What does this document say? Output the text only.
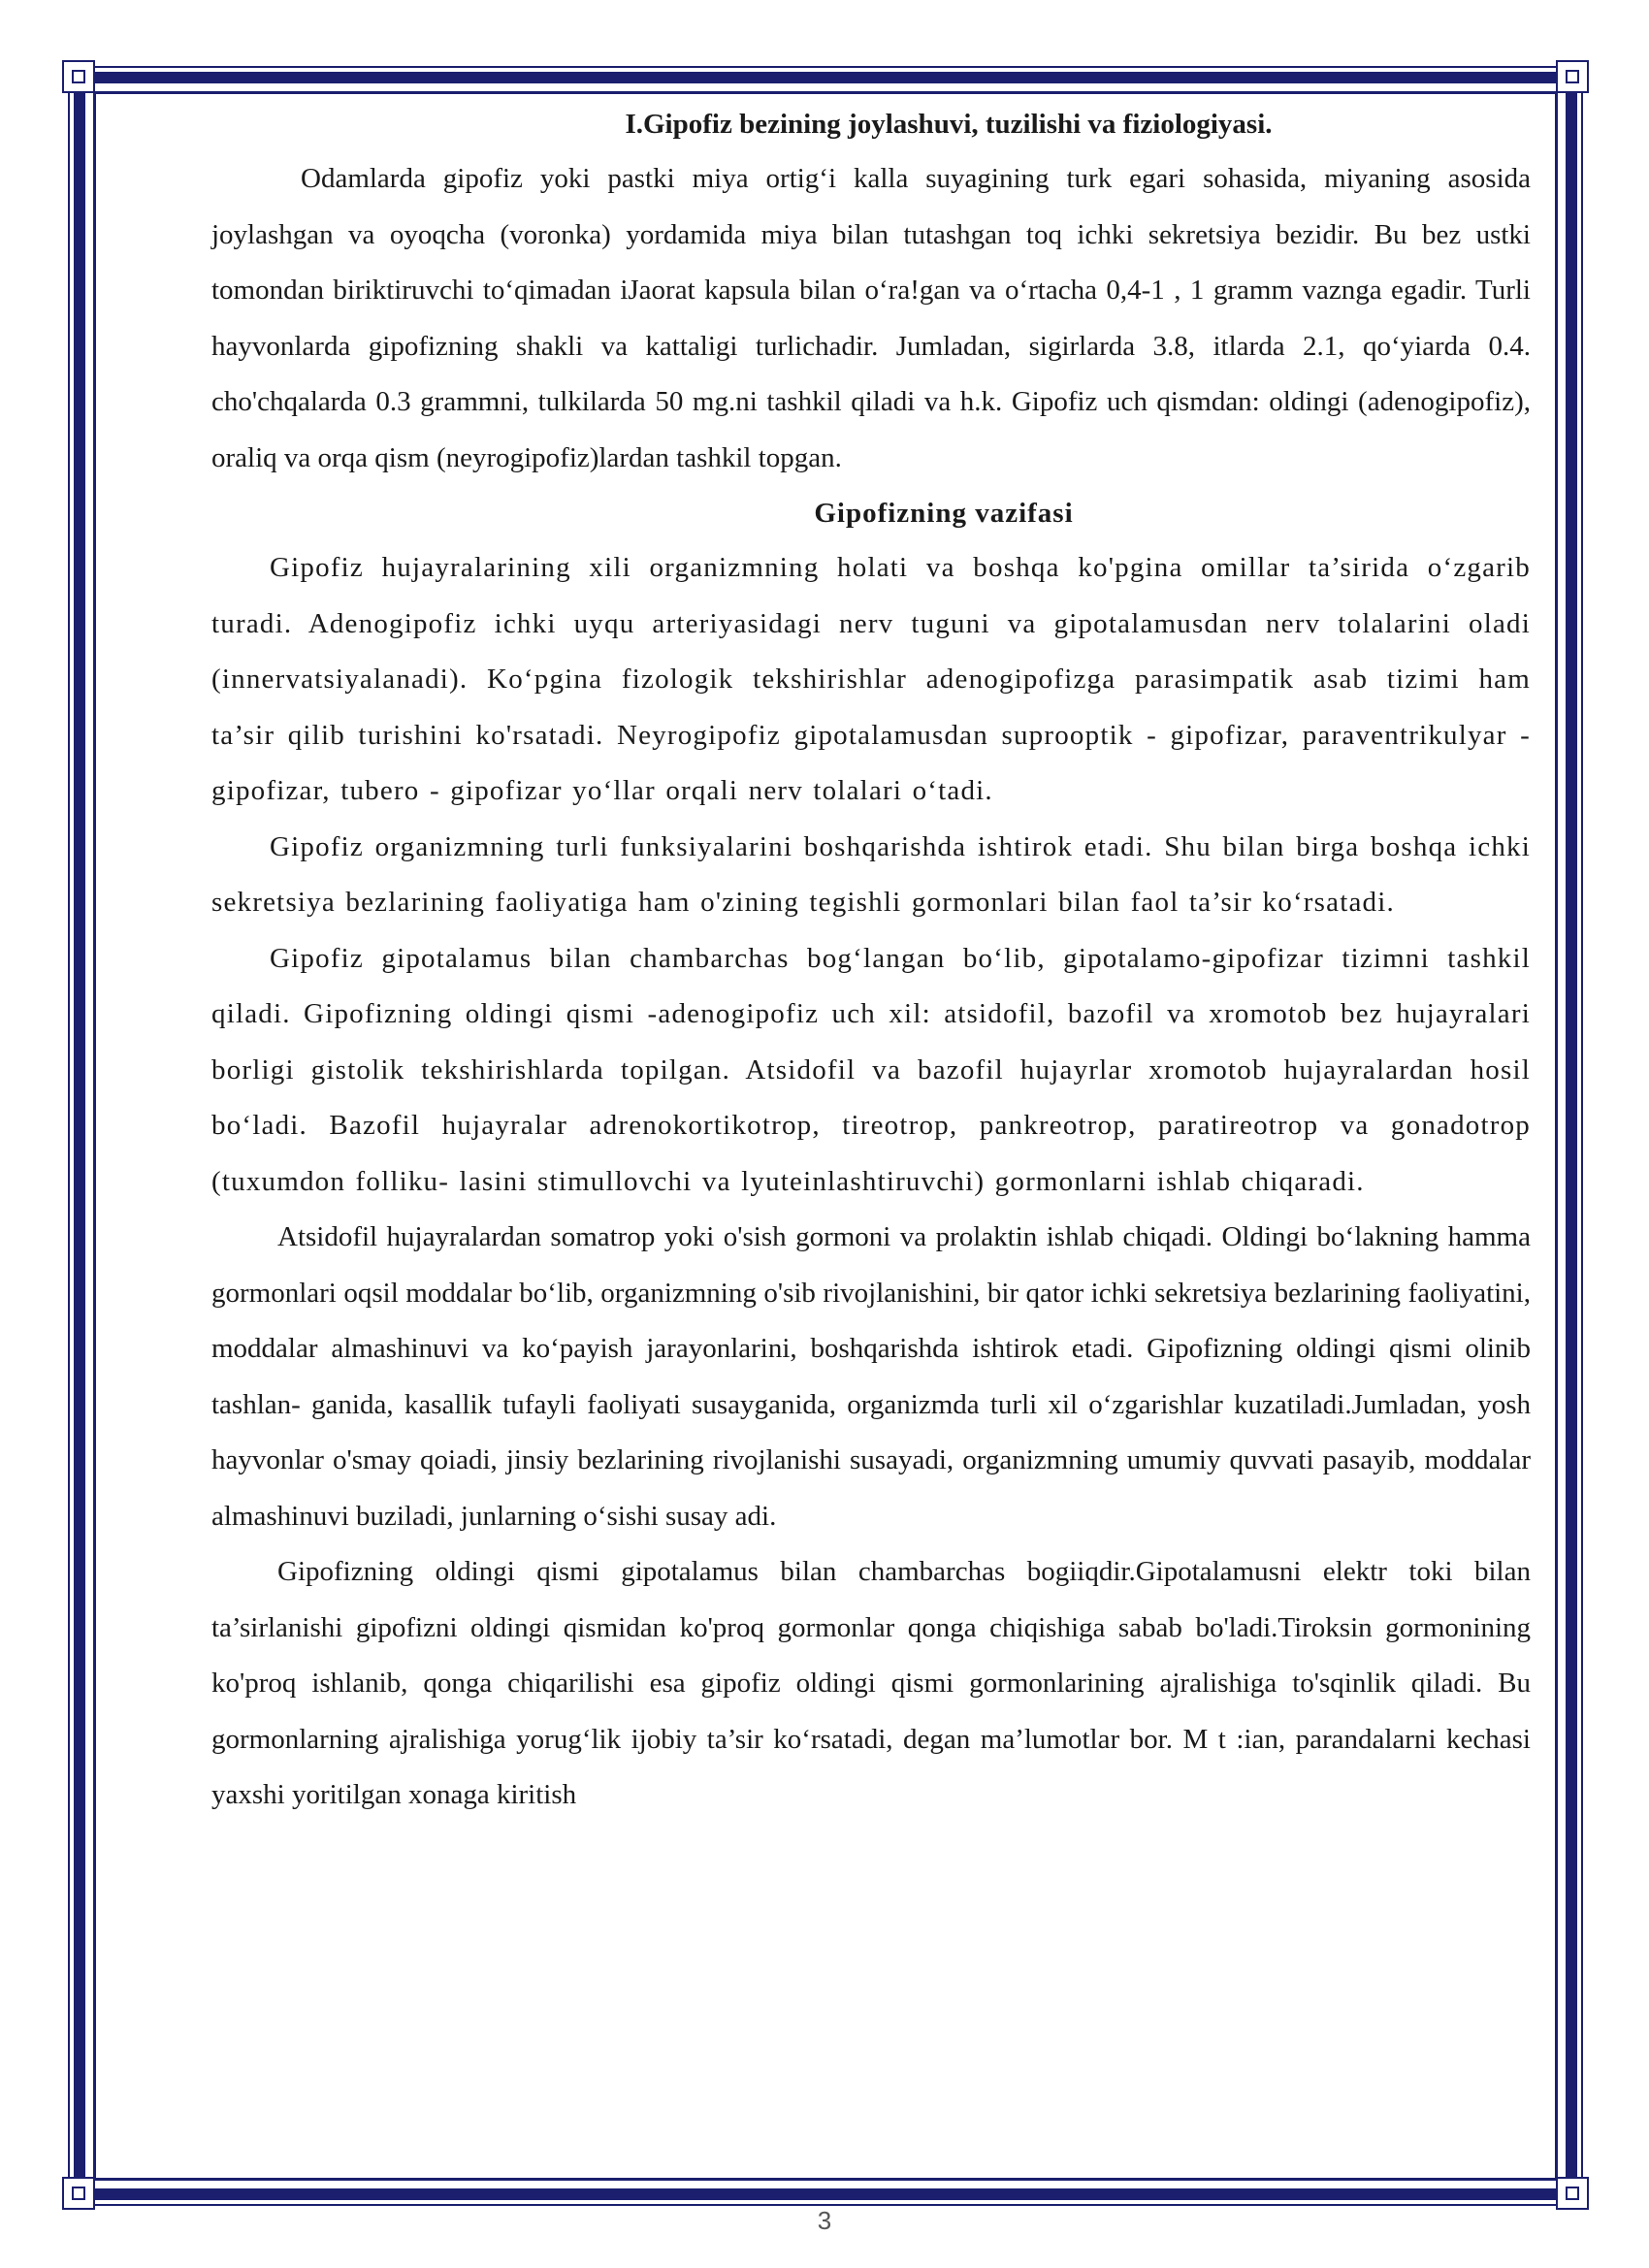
I.Gipofiz bezining joylashuvi, tuzilishi va fiziologiyasi.

Odamlarda gipofiz yoki pastki miya ortig‘i kalla suyagining turk egari sohasida, miyaning asosida joylashgan va oyoqcha (voronka) yordamida miya bilan tutashgan toq ichki sekretsiya bezidir. Bu bez ustki tomondan biriktiruvchi to‘qimadan iJaorat kapsula bilan o‘ra!gan va o‘rtacha 0,4-1 , 1 gramm vaznga egadir. Turli hayvonlarda gipofizning shakli va kattaligi turlichadir. Jumladan, sigirlarda 3.8, itlarda 2.1, qo‘yiarda 0.4. cho'chqalarda 0.3 grammni, tulkilarda 50 mg.ni tashkil qiladi va h.k. Gipofiz uch qismdan: oldingi (adenogipofiz), oraliq va orqa qism (neyrogipofiz)lardan tashkil topgan.

Gipofizning vazifasi

Gipofiz hujayralarining xili organizmning holati va boshqa ko'pgina omillar ta’sirida o‘zgarib turadi. Adenogipofiz ichki uyqu arteriyasidagi nerv tuguni va gipotalamusdan nerv tolalarini oladi (innervatsiyalanadi). Ko‘pgina fizologik tekshirishlar adenogipofizga parasimpatik asab tizimi ham ta’sir qilib turishini ko'rsatadi. Neyrogipofiz gipotalamusdan suprooptik - gipofizar, paraventrikulyar - gipofizar, tubero - gipofizar yo‘llar orqali nerv tolalari o‘tadi.

Gipofiz organizmning turli funksiyalarini boshqarishda ishtirok etadi. Shu bilan birga boshqa ichki sekretsiya bezlarining faoliyatiga ham o'zining tegishli gormonlari bilan faol ta’sir ko‘rsatadi.

Gipofiz gipotalamus bilan chambarchas bog‘langan bo‘lib, gipotalamo-gipofizar tizimni tashkil qiladi. Gipofizning oldingi qismi -adenogipofiz uch xil: atsidofil, bazofil va xromotob bez hujayralari borligi gistolik tekshirishlarda topilgan. Atsidofil va bazofil hujayrlar xromotob hujayralardan hosil bo‘ladi. Bazofil hujayralar adrenokortikotrop, tireotrop, pankreotrop, paratireotrop va gonadotrop (tuxumdon folliku- lasini stimullovchi va lyuteinlashtiruvchi) gormonlarni ishlab chiqaradi.

Atsidofil hujayralardan somatrop yoki o'sish gormoni va prolaktin ishlab chiqadi. Oldingi bo‘lakning hamma gormonlari oqsil moddalar bo‘lib, organizmning o'sib rivojlanishini, bir qator ichki sekretsiya bezlarining faoliyatini, moddalar almashinuvi va ko‘payish jarayonlarini, boshqarishda ishtirok etadi. Gipofizning oldingi qismi olinib tashlan- ganida, kasallik tufayli faoliyati susayganida, organizmda turli xil o‘zgarishlar kuzatiladi.Jumladan, yosh hayvonlar o'smay qoiadi, jinsiy bezlarining rivojlanishi susayadi, organizmning umumiy quvvati pasayib, moddalar almashinuvi buziladi, junlarning o‘sishi susay adi.

Gipofizning oldingi qismi gipotalamus bilan chambarchas bogiiqdir.Gipotalamusni elektr toki bilan ta’sirlanishi gipofizni oldingi qismidan ko'proq gormonlar qonga chiqishiga sabab bo'ladi.Tiroksin gormonining ko'proq ishlanib, qonga chiqarilishi esa gipofiz oldingi qismi gormonlarining ajralishiga to'sqinlik qiladi. Bu gormonlarning ajralishiga yorug‘lik ijobiy ta’sir ko‘rsatadi, degan ma’lumotlar bor. M t :ian, parandalarni kechasi yaxshi yoritilgan xonaga kiritish

3
